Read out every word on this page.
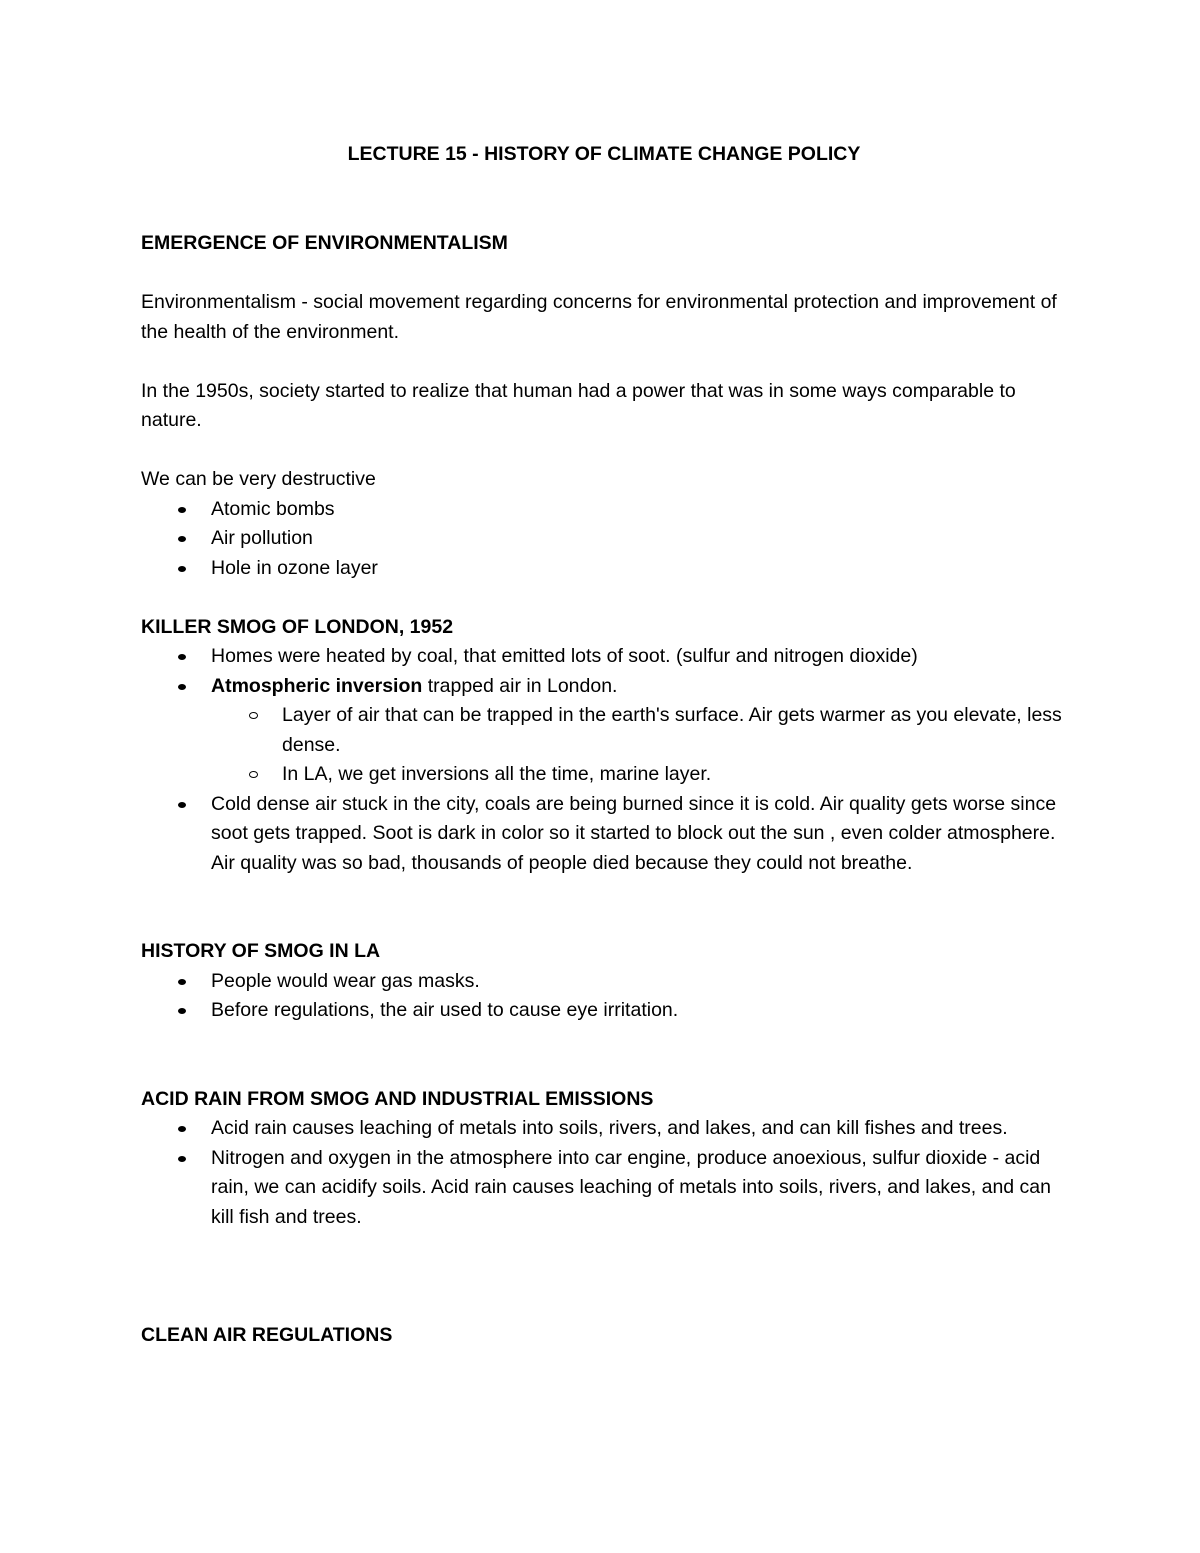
LECTURE 15 - HISTORY OF CLIMATE CHANGE POLICY

EMERGENCE OF ENVIRONMENTALISM

Environmentalism - social movement regarding concerns for environmental protection and improvement of the health of the environment.

In the 1950s, society started to realize that human had a power that was in some ways comparable to nature.

We can be very destructive

Atomic bombs
Air pollution
Hole in ozone layer

KILLER SMOG OF LONDON, 1952

Homes were heated by coal, that emitted lots of soot. (sulfur and nitrogen dioxide)
Atmospheric inversion trapped air in London.
Layer of air that can be trapped in the earth's surface. Air gets warmer as you elevate, less dense.
In LA, we get inversions all the time, marine layer.
Cold dense air stuck in the city, coals are being burned since it is cold. Air quality gets worse since soot gets trapped. Soot is dark in color so it started to block out the sun , even colder atmosphere. Air quality was so bad, thousands of people died because they could not breathe.

HISTORY OF SMOG IN LA

People would wear gas masks.
Before regulations, the air used to cause eye irritation.

ACID RAIN FROM SMOG AND INDUSTRIAL EMISSIONS

Acid rain causes leaching of metals into soils, rivers, and lakes, and can kill fishes and trees.
Nitrogen and oxygen in the atmosphere into car engine, produce anoexious, sulfur dioxide - acid rain, we can acidify soils. Acid rain causes leaching of metals into soils, rivers, and lakes, and can kill fish and trees.

CLEAN AIR REGULATIONS
